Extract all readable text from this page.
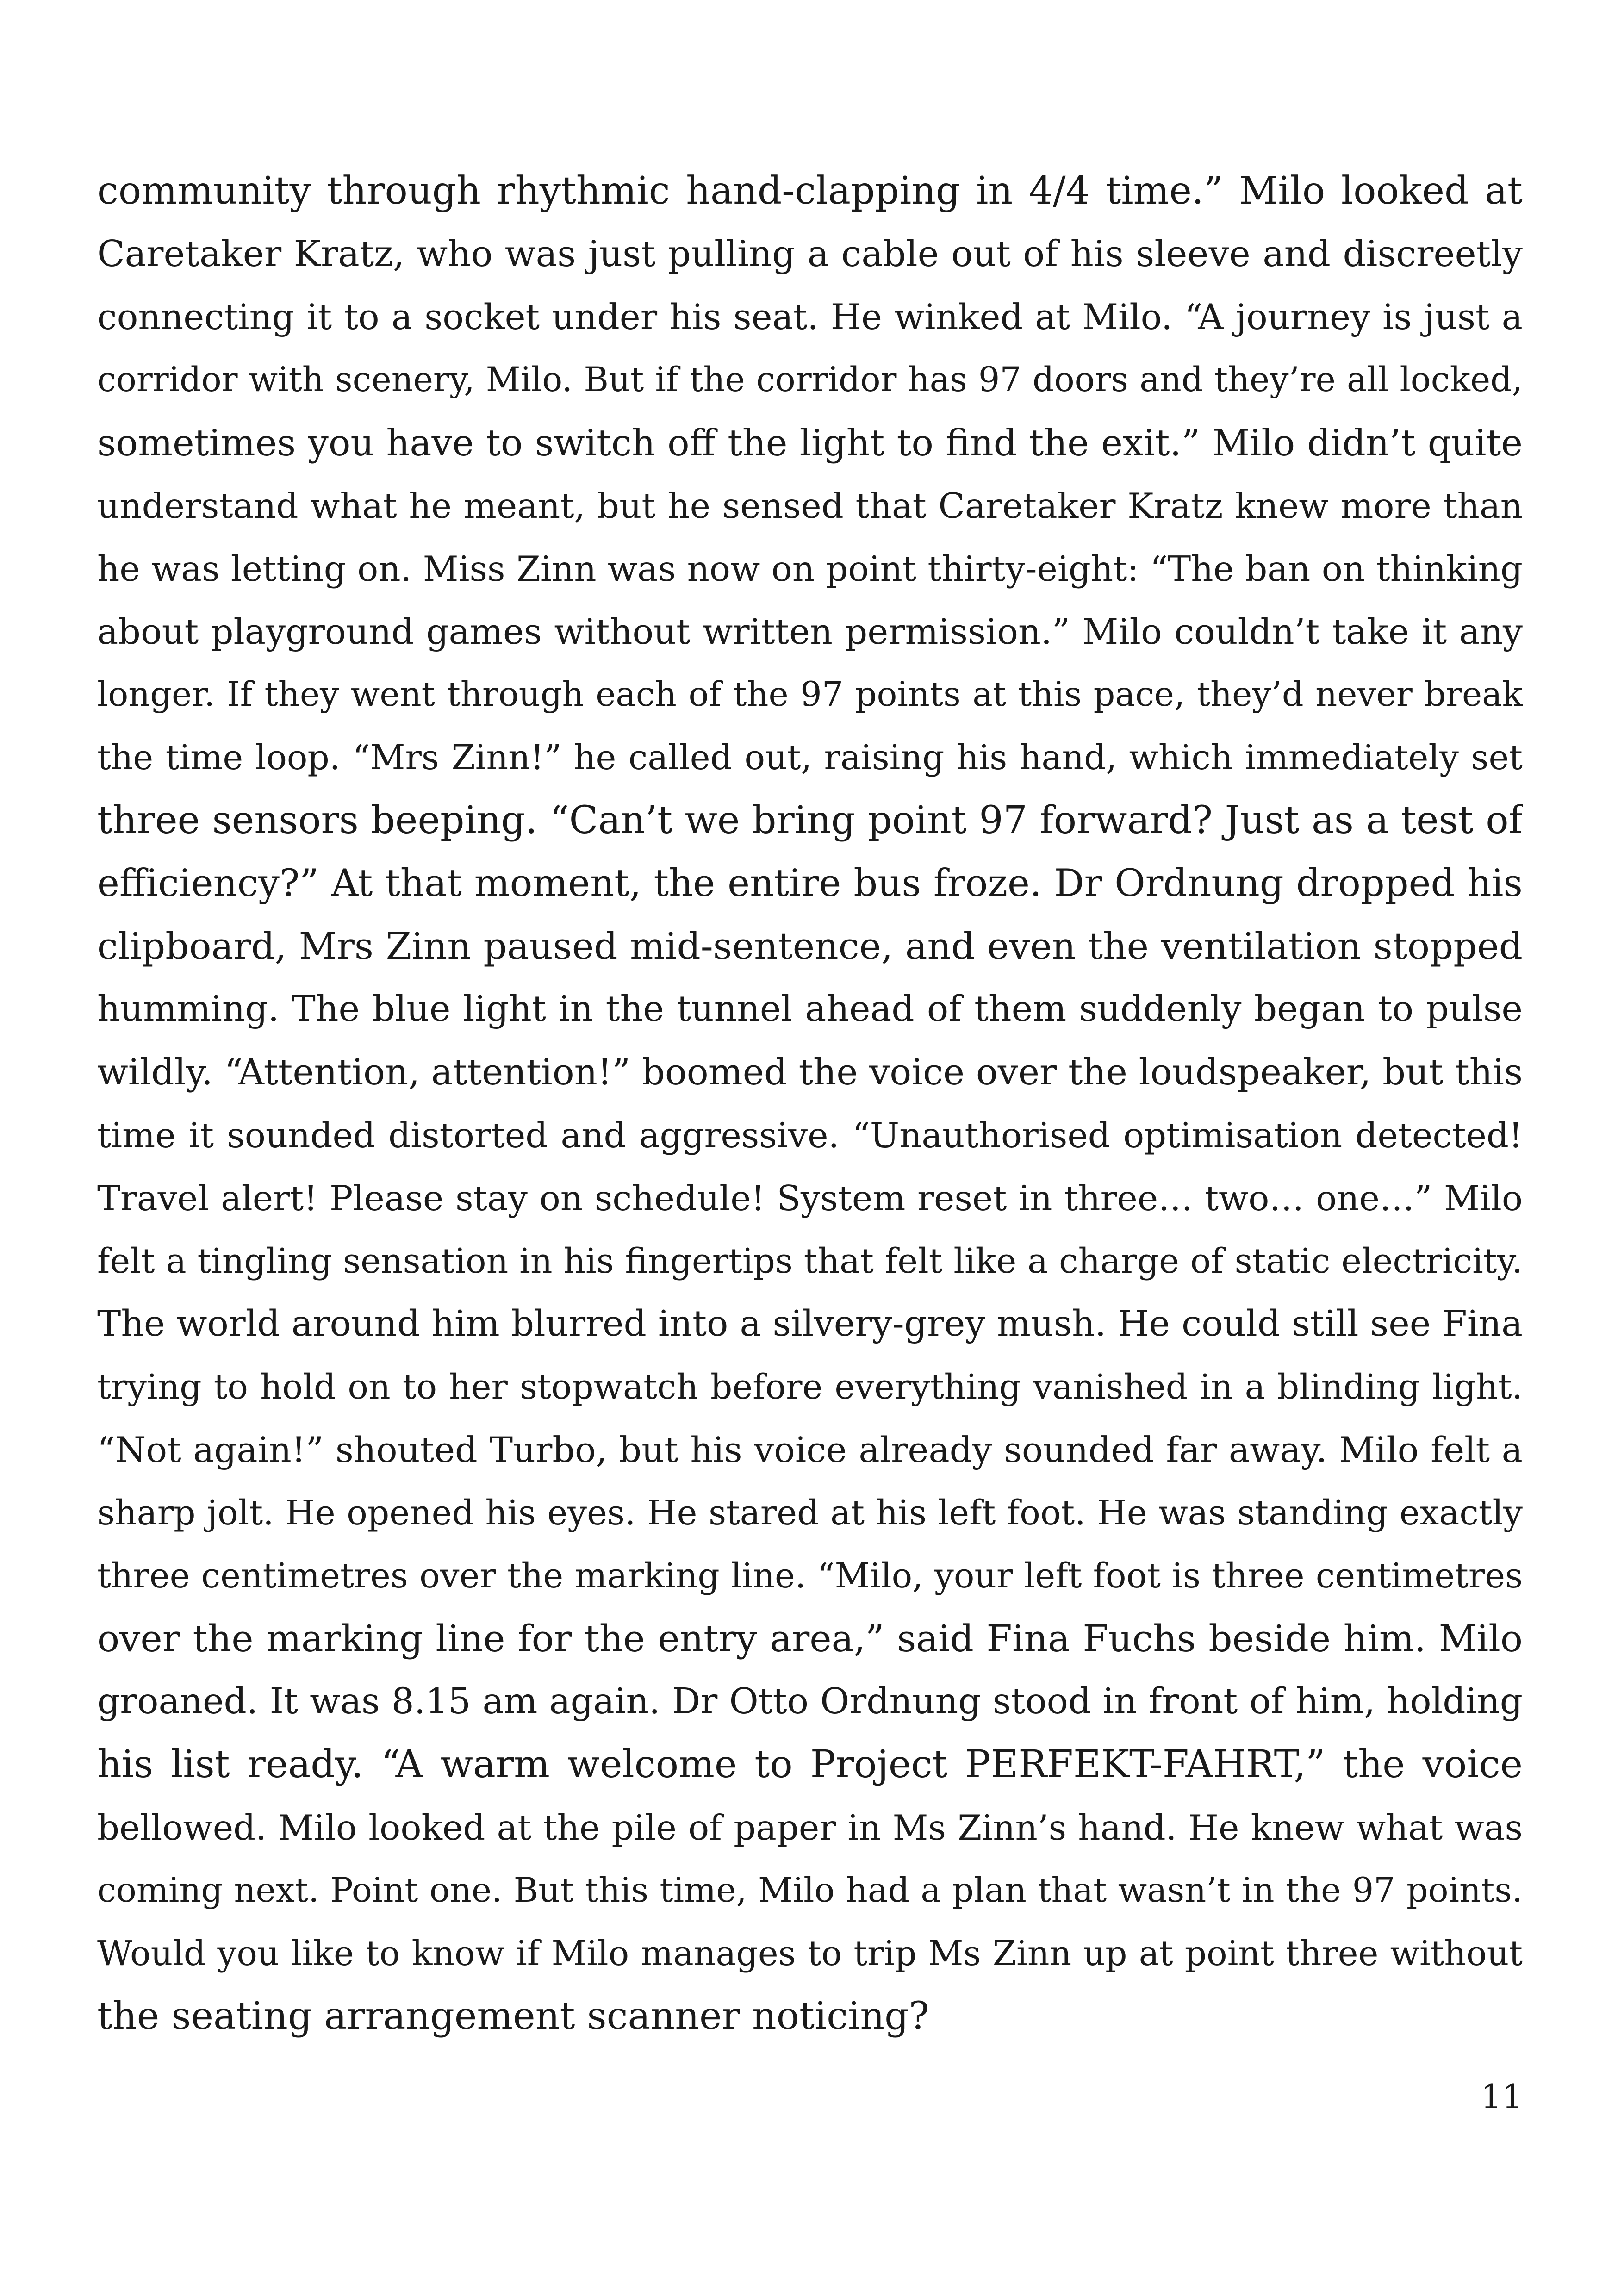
community through rhythmic hand-clapping in 4/4 time.” Milo looked at
Caretaker Kratz, who was just pulling a cable out of his sleeve and discreetly
connecting it to a socket under his seat. He winked at Milo. “A journey is just a
corridor with scenery, Milo. But if the corridor has 97 doors and they’re all locked,
sometimes you have to switch off the light to find the exit.” Milo didn’t quite
understand what he meant, but he sensed that Caretaker Kratz knew more than
he was letting on. Miss Zinn was now on point thirty-eight: “The ban on thinking
about playground games without written permission.” Milo couldn’t take it any
longer. If they went through each of the 97 points at this pace, they’d never break
the time loop. “Mrs Zinn!” he called out, raising his hand, which immediately set
three sensors beeping. “Can’t we bring point 97 forward? Just as a test of
efficiency?” At that moment, the entire bus froze. Dr Ordnung dropped his
clipboard, Mrs Zinn paused mid-sentence, and even the ventilation stopped
humming. The blue light in the tunnel ahead of them suddenly began to pulse
wildly. “Attention, attention!” boomed the voice over the loudspeaker, but this
time it sounded distorted and aggressive. “Unauthorised optimisation detected!
Travel alert! Please stay on schedule! System reset in three… two… one…” Milo
felt a tingling sensation in his fingertips that felt like a charge of static electricity.
The world around him blurred into a silvery-grey mush. He could still see Fina
trying to hold on to her stopwatch before everything vanished in a blinding light.
“Not again!” shouted Turbo, but his voice already sounded far away. Milo felt a
sharp jolt. He opened his eyes. He stared at his left foot. He was standing exactly
three centimetres over the marking line. “Milo, your left foot is three centimetres
over the marking line for the entry area,” said Fina Fuchs beside him. Milo
groaned. It was 8.15 am again. Dr Otto Ordnung stood in front of him, holding
his list ready. “A warm welcome to Project PERFEKT-FAHRT,” the voice
bellowed. Milo looked at the pile of paper in Ms Zinn’s hand. He knew what was
coming next. Point one. But this time, Milo had a plan that wasn’t in the 97 points.
Would you like to know if Milo manages to trip Ms Zinn up at point three without
the seating arrangement scanner noticing?
11
